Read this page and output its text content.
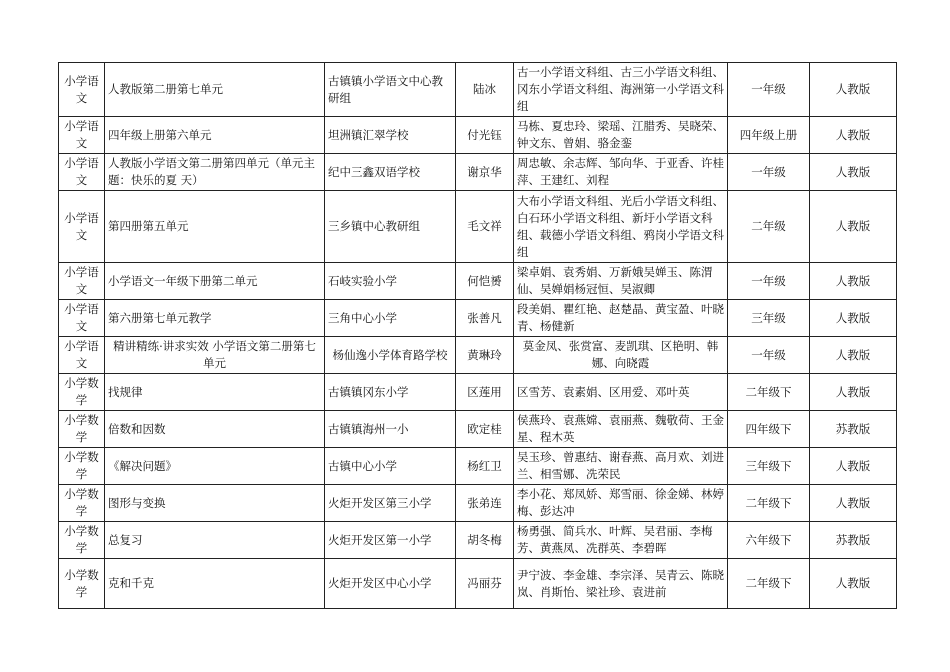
小学语文	人教版第二册第七单元	古镇镇小学语文中心教研组	陆冰	古一小学语文科组、古三小学语文科组、冈东小学语文科组、海洲第一小学语文科组	一年级	人教版
小学语文	四年级上册第六单元	坦洲镇汇翠学校	付光钰	马栋、夏忠玲、梁瑶、江腊秀、吴晓荣、钟文东、曾娟、骆金銮	四年级上册	人教版
小学语文	人教版小学语文第二册第四单元（单元主题：快乐的夏 天）	纪中三鑫双语学校	谢京华	周忠敏、余志辉、邹向华、于亚香、许桂萍、王建红、刘程	一年级	人教版
小学语文	第四册第五单元	三乡镇中心教研组	毛文祥	大布小学语文科组、光后小学语文科组、白石环小学语文科组、新圩小学语文科组、载德小学语文科组、鸦岗小学语文科组	二年级	人教版
小学语文	小学语文一年级下册第二单元	石岐实验小学	何恺赟	梁卓娟、袁秀娟、万新娥吴婵玉、陈渭仙、吴婵娟杨冠恒、吴淑卿	一年级	人教版
小学语文	第六册第七单元教学	三角中心小学	张善凡	段美娟、瞿红艳、赵楚晶、黄宝盈、叶晓青、杨健新	三年级	人教版
小学语文	精讲精练·讲求实效 小学语文第二册第七单元	杨仙逸小学体育路学校	黄琳玲	莫金凤、张赏富、麦凯琪、区艳明、韩娜、向晓霞	一年级	人教版
小学数学	找规律	古镇镇冈东小学	区莲用	区雪芳、袁素娟、区用爱、邓叶英	二年级下	人教版
小学数学	倍数和因数	古镇镇海州一小	欧定桂	侯燕玲、袁燕嫦、袁丽燕、魏敬荷、王金星、程木英	四年级下	苏教版
小学数学	《解决问题》	古镇中心小学	杨红卫	吴玉珍、曾惠结、谢春燕、高月欢、刘进兰、相雪娜、冼荣民	三年级下	人教版
小学数学	图形与变换	火炬开发区第三小学	张弟连	李小花、郑凤娇、郑雪丽、徐金娣、林婷梅、彭达冲	二年级下	人教版
小学数学	总复习	火炬开发区第一小学	胡冬梅	杨勇强、简兵水、叶辉、吴君丽、李梅芳、黄燕凤、冼群英、李碧晖	六年级下	苏教版
小学数学	克和千克	火炬开发区中心小学	冯丽芬	尹宁波、李金雄、李宗泽、吴青云、陈晓岚、肖斯怡、梁社珍、袁进前	二年级下	人教版
